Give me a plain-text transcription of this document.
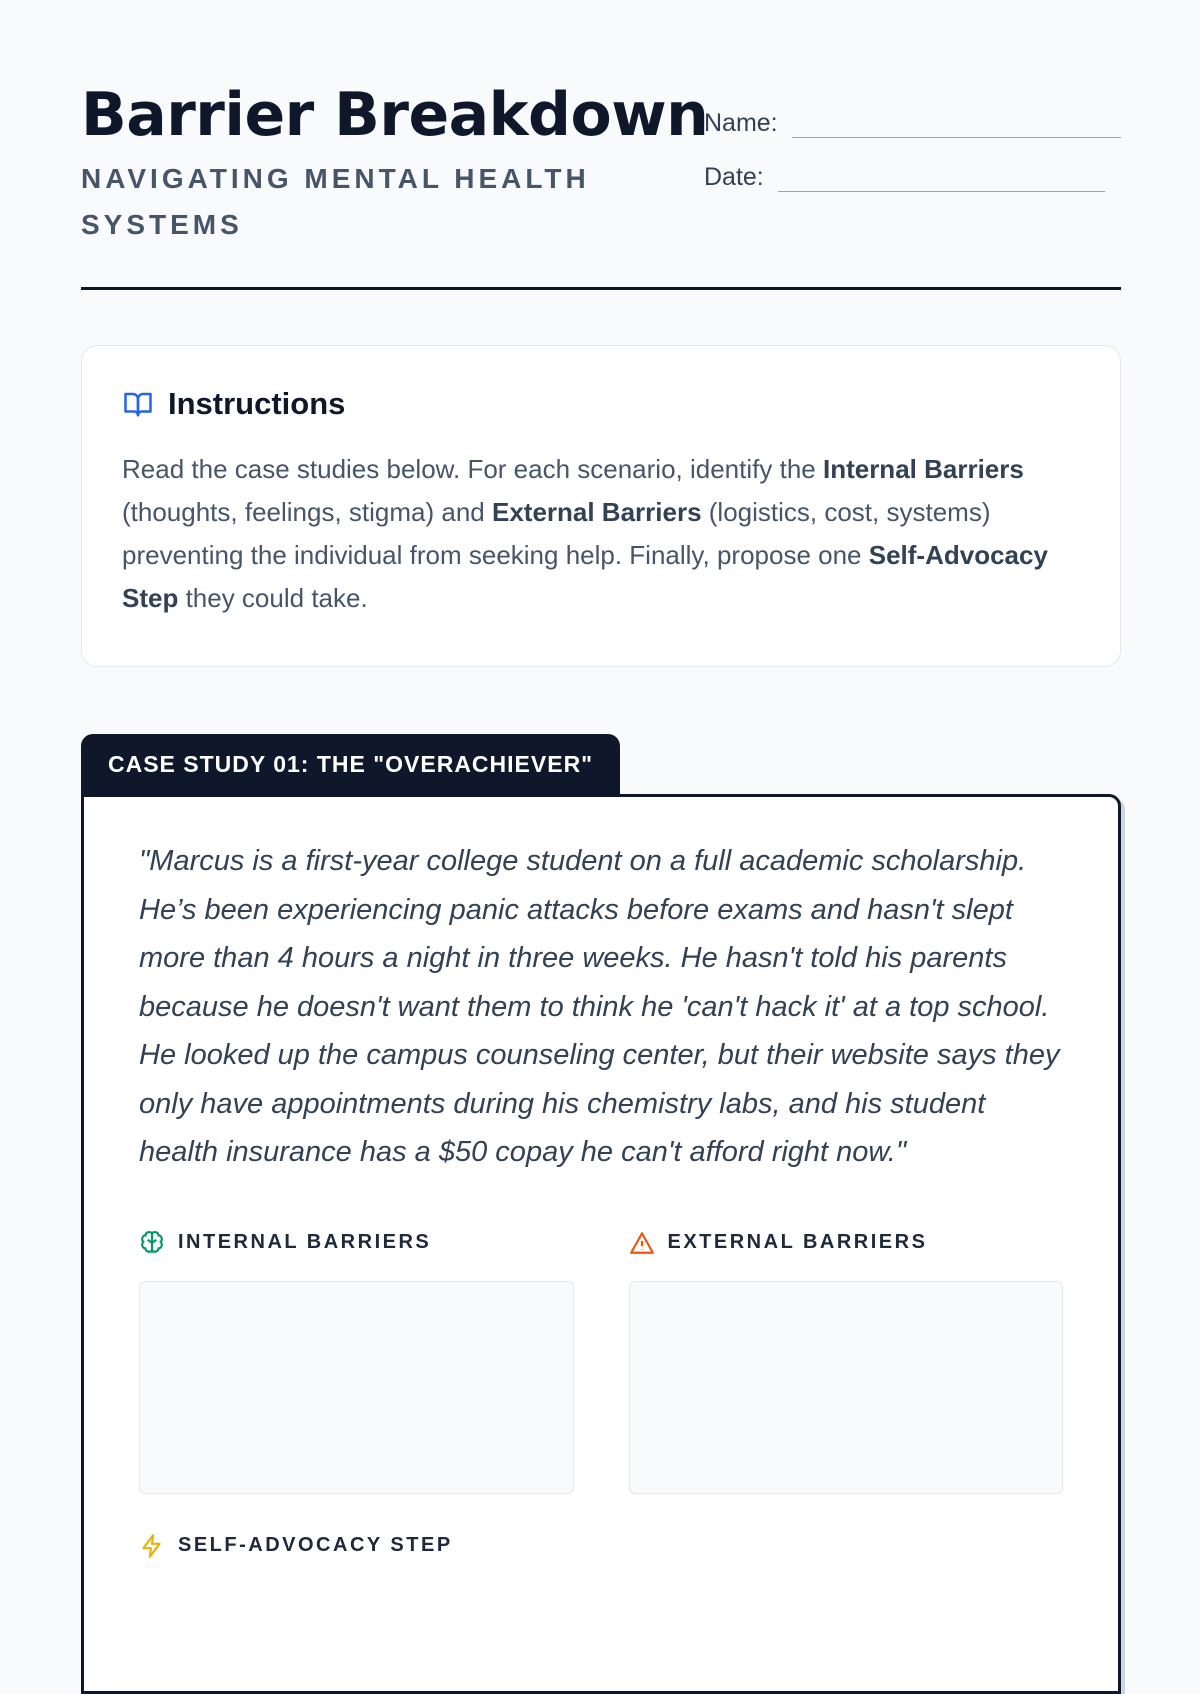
Barrier Breakdown
NAVIGATING MENTAL HEALTH SYSTEMS
Name:
Date:
Instructions

Read the case studies below. For each scenario, identify the Internal Barriers (thoughts, feelings, stigma) and External Barriers (logistics, cost, systems) preventing the individual from seeking help. Finally, propose one Self-Advocacy Step they could take.

CASE STUDY 01: THE "OVERACHIEVER"
"Marcus is a first-year college student on a full academic scholarship. He’s been experiencing panic attacks before exams and hasn't slept more than 4 hours a night in three weeks. He hasn't told his parents because he doesn't want them to think he 'can't hack it' at a top school. He looked up the campus counseling center, but their website says they only have appointments during his chemistry labs, and his student health insurance has a $50 copay he can't afford right now."
INTERNAL BARRIERS	EXTERNAL BARRIERS
SELF-ADVOCACY STEP
